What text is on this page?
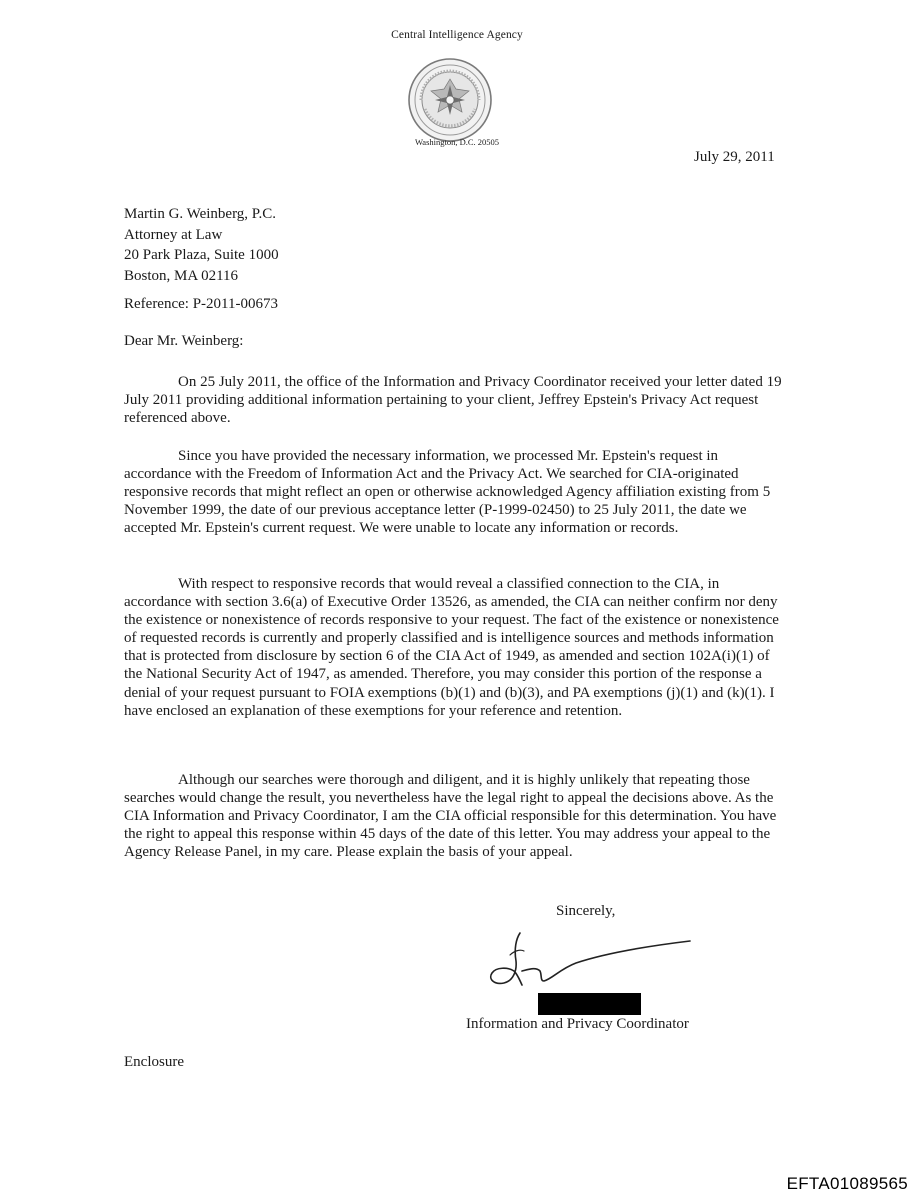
Central Intelligence Agency
Washington, D.C. 20505
July 29, 2011
Martin G. Weinberg, P.C.
Attorney at Law
20 Park Plaza, Suite 1000
Boston, MA 02116
Reference: P-2011-00673
Dear Mr. Weinberg:
On 25 July 2011, the office of the Information and Privacy Coordinator received your letter dated 19 July 2011 providing additional information pertaining to your client, Jeffrey Epstein's Privacy Act request referenced above.
Since you have provided the necessary information, we processed Mr. Epstein's request in accordance with the Freedom of Information Act and the Privacy Act. We searched for CIA-originated responsive records that might reflect an open or otherwise acknowledged Agency affiliation existing from 5 November 1999, the date of our previous acceptance letter (P-1999-02450) to 25 July 2011, the date we accepted Mr. Epstein's current request. We were unable to locate any information or records.
With respect to responsive records that would reveal a classified connection to the CIA, in accordance with section 3.6(a) of Executive Order 13526, as amended, the CIA can neither confirm nor deny the existence or nonexistence of records responsive to your request. The fact of the existence or nonexistence of requested records is currently and properly classified and is intelligence sources and methods information that is protected from disclosure by section 6 of the CIA Act of 1949, as amended and section 102A(i)(1) of the National Security Act of 1947, as amended. Therefore, you may consider this portion of the response a denial of your request pursuant to FOIA exemptions (b)(1) and (b)(3), and PA exemptions (j)(1) and (k)(1). I have enclosed an explanation of these exemptions for your reference and retention.
Although our searches were thorough and diligent, and it is highly unlikely that repeating those searches would change the result, you nevertheless have the legal right to appeal the decisions above. As the CIA Information and Privacy Coordinator, I am the CIA official responsible for this determination. You have the right to appeal this response within 45 days of the date of this letter. You may address your appeal to the Agency Release Panel, in my care. Please explain the basis of your appeal.
Sincerely,
Information and Privacy Coordinator
Enclosure
EFTA01089565
